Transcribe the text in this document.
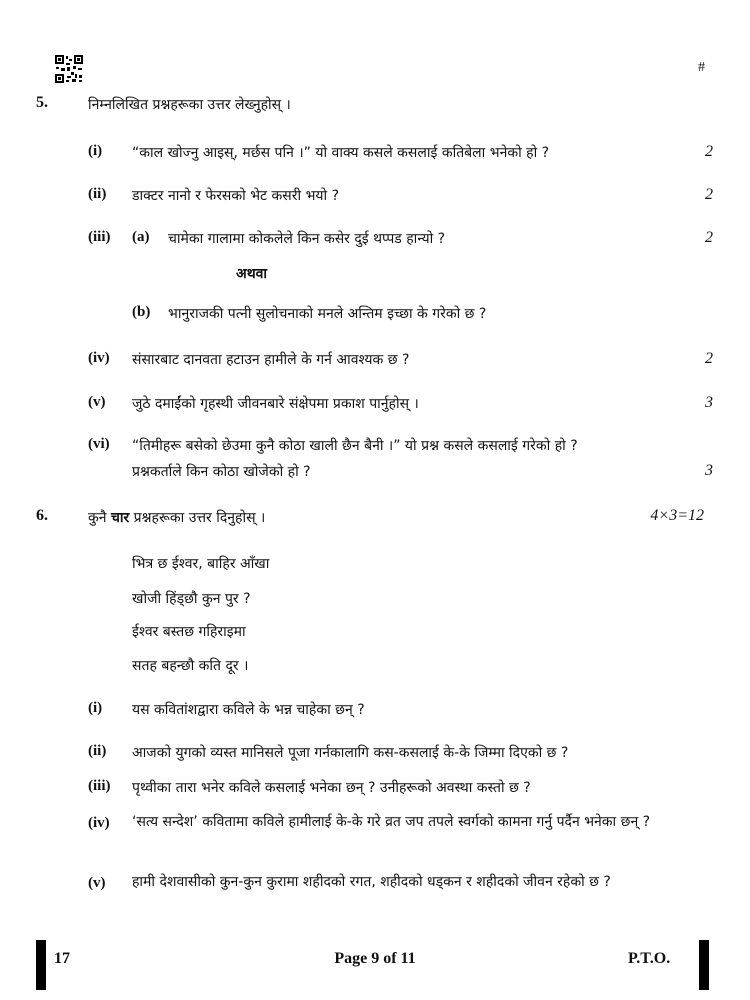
#
5.	निम्नलिखित प्रश्नहरूका उत्तर लेख्नुहोस् ।
(i) “काल खोज्नु आइस्, मर्छस पनि ।” यो वाक्य कसले कसलाई कतिबेला भनेको हो ?	2
(ii) डाक्टर नानो र फेरसको भेट कसरी भयो ?	2
(iii) (a) चामेका गालामा कोकलेले किन कसेर दुई थप्पड हान्यो ?	2
अथवा
(b) भानुराजकी पत्नी सुलोचनाको मनले अन्तिम इच्छा के गरेको छ ?
(iv) संसारबाट दानवता हटाउन हामीले के गर्न आवश्यक छ ?	2
(v) जुठे दमाईंको गृहस्थी जीवनबारे संक्षेपमा प्रकाश पार्नुहोस् ।	3
(vi) “तिमीहरू बसेको छेउमा कुनै कोठा खाली छैन बैनी ।” यो प्रश्न कसले कसलाई गरेको हो ?
प्रश्नकर्ताले किन कोठा खोजेको हो ?	3
6.	कुनै चार प्रश्नहरूका उत्तर दिनुहोस् ।	4×3=12
भित्र छ ईश्वर, बाहिर आँखा
खोजी हिंड्छौ कुन पुर ?
ईश्वर बस्तछ गहिराइमा
सतह बहन्छौ कति दूर ।
(i) यस कवितांशद्वारा कविले के भन्न चाहेका छन् ?
(ii) आजको युगको व्यस्त मानिसले पूजा गर्नकालागि कस-कसलाई के-के जिम्मा दिएको छ ?
(iii) पृथ्वीका तारा भनेर कविले कसलाई भनेका छन् ? उनीहरूको अवस्था कस्तो छ ?
(iv) ‘सत्य सन्देश’ कवितामा कविले हामीलाई के-के गरे व्रत जप तपले स्वर्गको कामना गर्नु पर्दैन भनेका छन् ?
(v) हामी देशवासीको कुन-कुन कुरामा शहीदको रगत, शहीदको धड्कन र शहीदको जीवन रहेको छ ?
17	Page 9 of 11	P.T.O.
